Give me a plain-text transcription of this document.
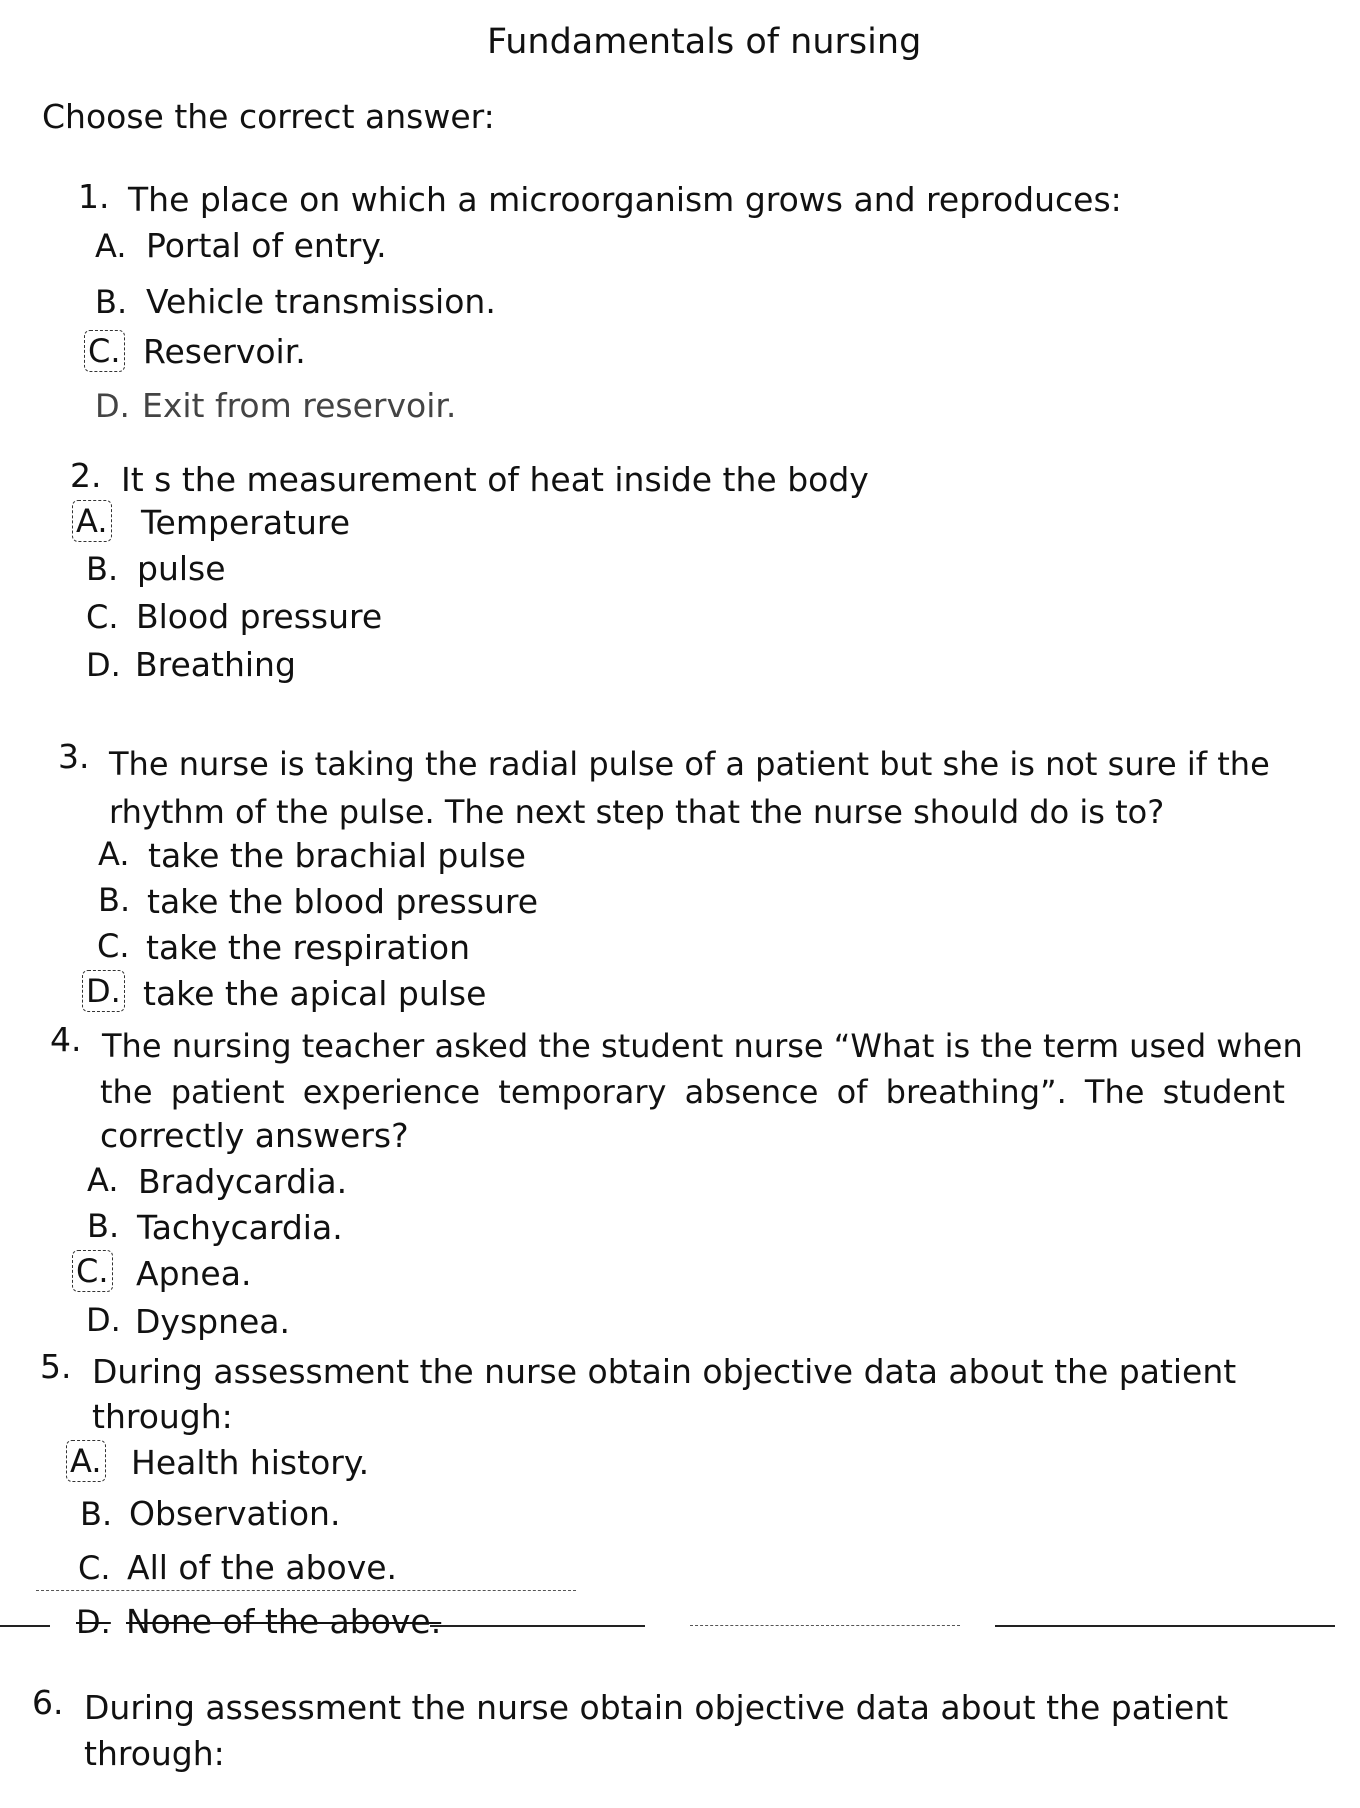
Fundamentals of nursing
Choose the correct answer:
1. The place on which a microorganism grows and reproduces:
A. Portal of entry.
B. Vehicle transmission.
C. Reservoir.
D. Exit from reservoir.
2. It s the measurement of heat inside the body
A. Temperature
B. pulse
C. Blood pressure
D. Breathing
3. The nurse is taking the radial pulse of a patient but she is not sure if the
rhythm of the pulse. The next step that the nurse should do is to?
A. take the brachial pulse
B. take the blood pressure
C. take the respiration
D. take the apical pulse
4. The nursing teacher asked the student nurse “What is the term used when
the patient experience temporary absence of breathing”. The student
correctly answers?
A. Bradycardia.
B. Tachycardia.
C. Apnea.
D. Dyspnea.
5. During assessment the nurse obtain objective data about the patient
through:
A. Health history.
B. Observation.
C. All of the above.
D. None of the above.
6. During assessment the nurse obtain objective data about the patient
through:
